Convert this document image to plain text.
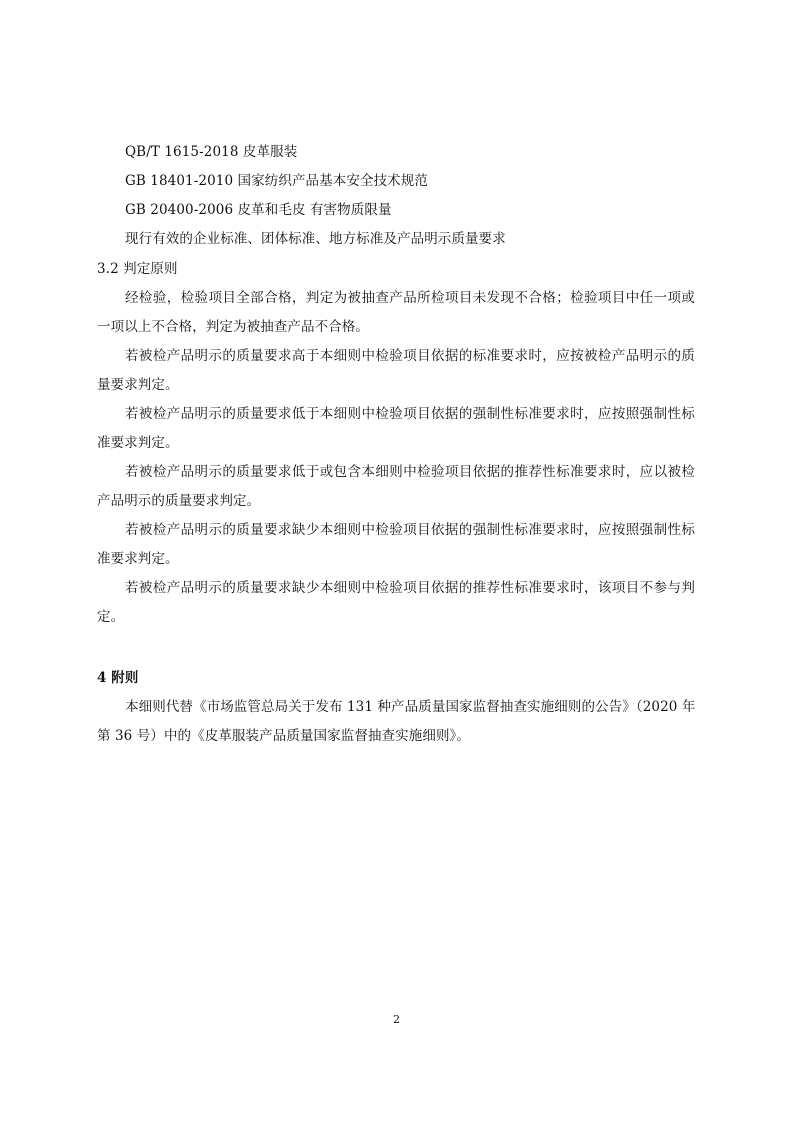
QB/T 1615-2018 皮革服装
GB 18401-2010 国家纺织产品基本安全技术规范
GB 20400-2006 皮革和毛皮 有害物质限量
现行有效的企业标准、团体标准、地方标准及产品明示质量要求
3.2 判定原则
经检验，检验项目全部合格，判定为被抽查产品所检项目未发现不合格；检验项目中任一项或
一项以上不合格，判定为被抽查产品不合格。
若被检产品明示的质量要求高于本细则中检验项目依据的标准要求时，应按被检产品明示的质
量要求判定。
若被检产品明示的质量要求低于本细则中检验项目依据的强制性标准要求时，应按照强制性标
准要求判定。
若被检产品明示的质量要求低于或包含本细则中检验项目依据的推荐性标准要求时，应以被检
产品明示的质量要求判定。
若被检产品明示的质量要求缺少本细则中检验项目依据的强制性标准要求时，应按照强制性标
准要求判定。
若被检产品明示的质量要求缺少本细则中检验项目依据的推荐性标准要求时，该项目不参与判
定。
4 附则
本细则代替《市场监管总局关于发布 131 种产品质量国家监督抽查实施细则的公告》（2020 年
第 36 号）中的《皮革服装产品质量国家监督抽查实施细则》。
2
